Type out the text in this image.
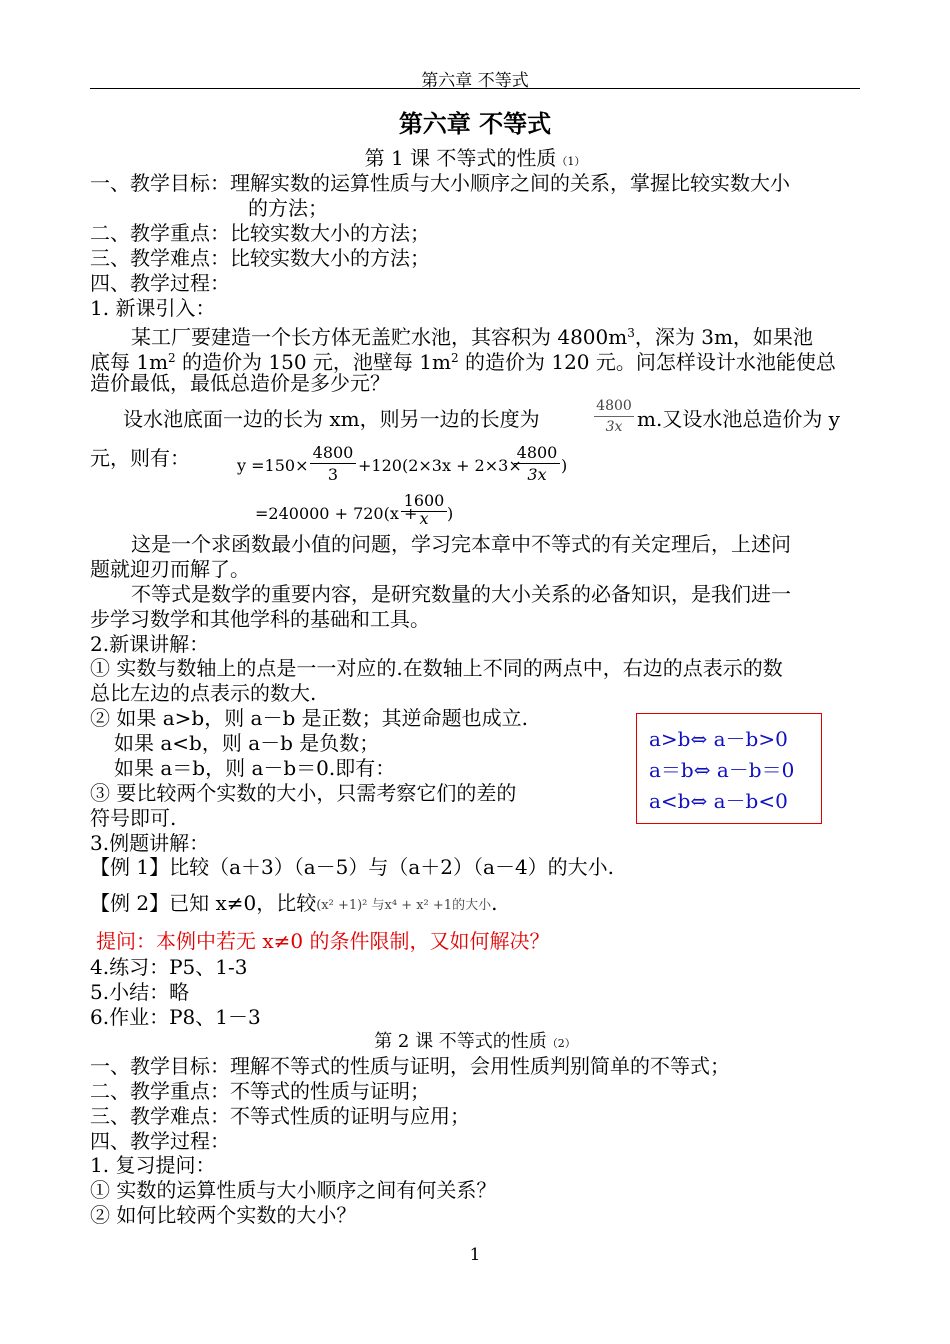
第六章 不等式
第六章 不等式
第 1 课 不等式的性质（1）
一、教学目标：理解实数的运算性质与大小顺序之间的关系，掌握比较实数大小
的方法；
二、教学重点：比较实数大小的方法；
三、教学难点：比较实数大小的方法；
四、教学过程：
1. 新课引入：
某工厂要建造一个长方体无盖贮水池，其容积为 $4800m^3$，深为 3m，如果池
底每 $1m^2$ 的造价为 150 元，池壁每 $1m^2$ 的造价为 120 元。问怎样设计水池能使总
造价最低，最低总造价是多少元？
设水池底面一边的长为 xm，则另一边的长度为	$\frac{4800}{3x} m$.又设水池总造价为 y
元，则有：	$y =150\times \frac{4800}{3} +120(2\times 3x + 2\times 3\times$
$\frac{4800}{3x}$ )
=240000 + 720(x +
$\frac{1600}{x}$ )
这是一个求函数最小值的问题，学习完本章中不等式的有关定理后，上述问
题就迎刃而解了。
不等式是数学的重要内容，是研究数量的大小关系的必备知识，是我们进一
步学习数学和其他学科的基础和工具。
2.新课讲解：
① 实数与数轴上的点是一一对应的.在数轴上不同的两点中，右边的点表示的数
总比左边的点表示的数大.
② 如果 a>b，则 a－b 是正数；其逆命题也成立.
如果 a<b，则 a－b 是负数；
如果 a＝b，则 a－b＝0.即有：
③ 要比较两个实数的大小，只需考察它们的差的
符号即可.
a>b⇔ a－b>0
a＝b⇔ a－b＝0
a<b⇔ a－b<0
3.例题讲解：
【例 1】比较（a＋3）（a－5）与（a＋2）（a－4）的大小.
【例 2】已知 x≠0，比较(x² +1)² 与x⁴ + x² +1的大小.
提问：本例中若无 x≠0 的条件限制，又如何解决？
4.练习：P5、1-3
5.小结：略
6.作业：P8、1－3
第 2 课 不等式的性质（2）
一、教学目标：理解不等式的性质与证明，会用性质判别简单的不等式；
二、教学重点：不等式的性质与证明；
三、教学难点：不等式性质的证明与应用；
四、教学过程：
1. 复习提问：
① 实数的运算性质与大小顺序之间有何关系？
② 如何比较两个实数的大小？
1
